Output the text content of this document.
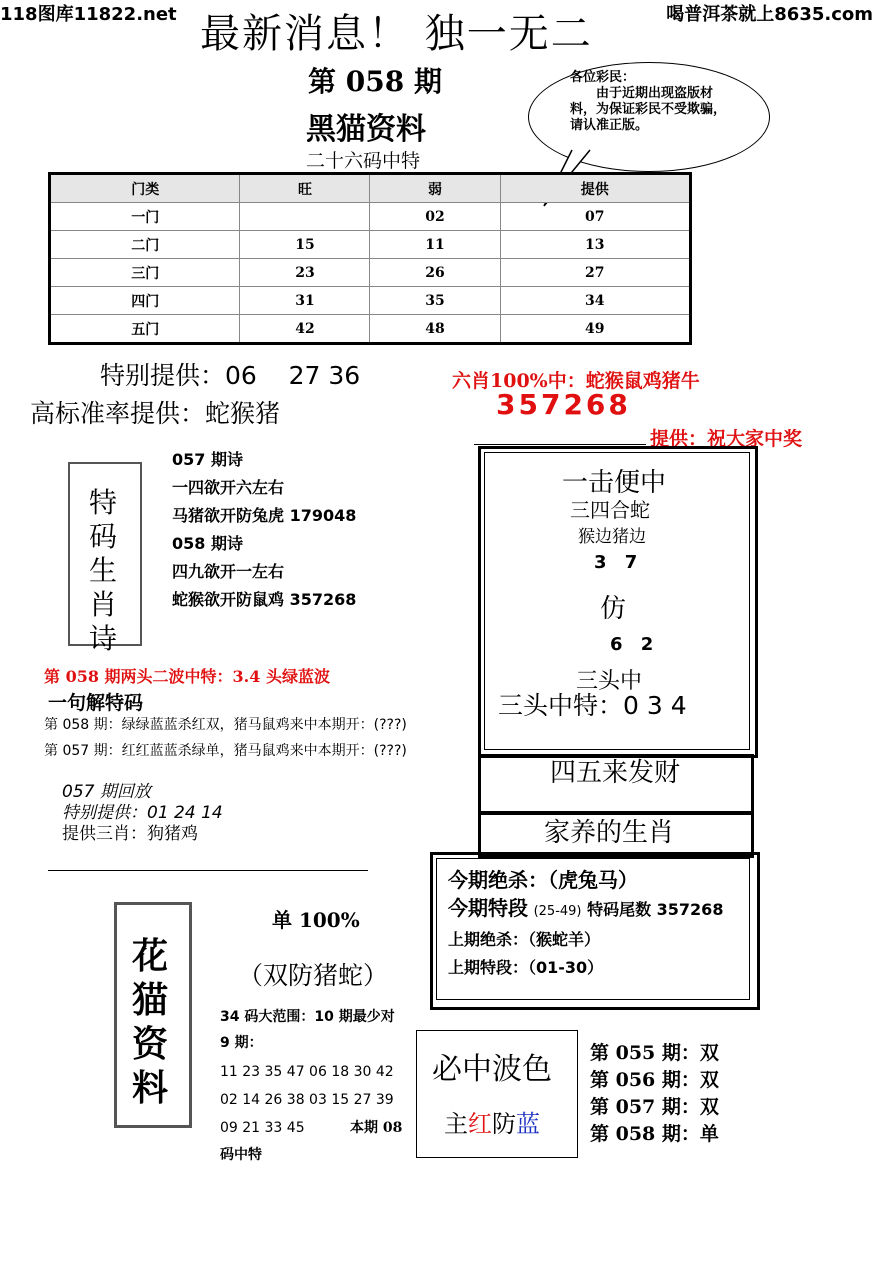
118图库11822.net	喝普洱茶就上8635.com
最新消息！ 独一无二
第 058 期
黑猫资料
二十六码中特
各位彩民：
由于近期出现盗版材料，为保证彩民不受欺骗，请认准正版。
门类	旺	弱	提供
一门		02	07
二门	15	11	13
三门	23	26	27
四门	31	35	34
五门	42	48	49
特别提供：06    27 36
高标准率提供：蛇猴猪
六肖100%中：蛇猴鼠鸡猪牛
357268
提供：祝大家中奖
特
码
生
肖
诗
057 期诗
一四欲开六左右
马猪欲开防兔虎 179048
058 期诗
四九欲开一左右
蛇猴欲开防鼠鸡 357268
第 058 期两头二波中特：3.4 头绿蓝波
一句解特码
第 058 期：绿绿蓝蓝杀红双，猪马鼠鸡来中本期开：(???)
第 057 期：红红蓝蓝杀绿单，猪马鼠鸡来中本期开：(???)
057 期回放
特别提供：01 24 14
提供三肖：狗猪鸡
花
猫
资
料
单 100%
（双防猪蛇）
34 码大范围：10 期最少对
9 期：
11 23 35 47 06 18 30 42
02 14 26 38 03 15 27 39
09 21 33 45	本期 08
码中特
必中波色
主红防蓝
第 055 期：双
第 056 期：双
第 057 期：双
第 058 期：单
一击便中
三四合蛇
猴边猪边
3 7
仿
6 2
三头中
三头中特：0 3 4
四五来发财
家养的生肖
今期绝杀：（虎兔马）
今期特段 (25-49) 特码尾数 357268
上期绝杀：（猴蛇羊）
上期特段：（01-30）
